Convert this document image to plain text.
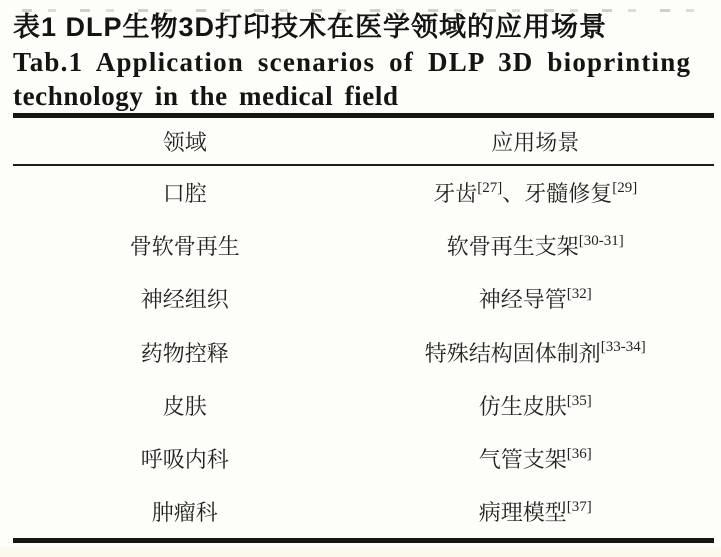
表1 DLP生物3D打印技术在医学领域的应用场景
Tab.1 Application scenarios of DLP 3D bioprinting
technology in the medical field
领域	应用场景
口腔	牙齿[27]、牙髓修复[29]
骨软骨再生	软骨再生支架[30-31]
神经组织	神经导管[32]
药物控释	特殊结构固体制剂[33-34]
皮肤	仿生皮肤[35]
呼吸内科	气管支架[36]
肿瘤科	病理模型[37]
